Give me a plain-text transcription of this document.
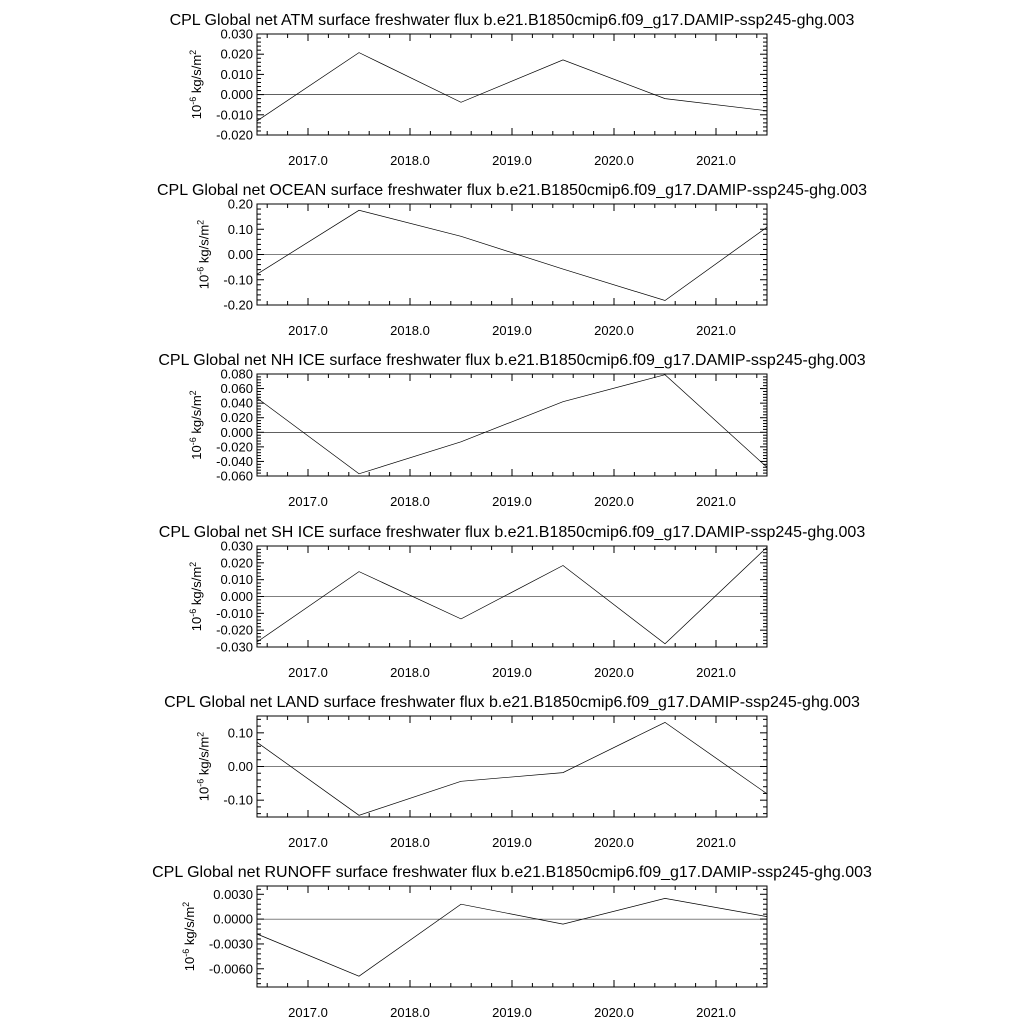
CPL Global net ATM surface freshwater flux b.e21.B1850cmip6.f09_g17.DAMIP-ssp245-ghg.003
-0.020
-0.010
0.000
0.010
0.020
0.030
2017.0	2018.0	2019.0	2020.0	2021.0
$10^{-6}$ $kg/s/m^2$
CPL Global net OCEAN surface freshwater flux b.e21.B1850cmip6.f09_g17.DAMIP-ssp245-ghg.003
-0.20
-0.10
0.00
0.10
0.20
2017.0	2018.0	2019.0	2020.0	2021.0
$10^{-6}$ $kg/s/m^2$
CPL Global net NH ICE surface freshwater flux b.e21.B1850cmip6.f09_g17.DAMIP-ssp245-ghg.003
-0.060
-0.040
-0.020
0.000
0.020
0.040
0.060
0.080
2017.0	2018.0	2019.0	2020.0	2021.0
$10^{-6}$ $kg/s/m^2$
CPL Global net SH ICE surface freshwater flux b.e21.B1850cmip6.f09_g17.DAMIP-ssp245-ghg.003
-0.030
-0.020
-0.010
0.000
0.010
0.020
0.030
2017.0	2018.0	2019.0	2020.0	2021.0
$10^{-6}$ $kg/s/m^2$
CPL Global net LAND surface freshwater flux b.e21.B1850cmip6.f09_g17.DAMIP-ssp245-ghg.003
-0.10
0.00
0.10
2017.0	2018.0	2019.0	2020.0	2021.0
$10^{-6}$ $kg/s/m^2$
CPL Global net RUNOFF surface freshwater flux b.e21.B1850cmip6.f09_g17.DAMIP-ssp245-ghg.003
-0.0060
-0.0030
0.0000
0.0030
2017.0	2018.0	2019.0	2020.0	2021.0
$10^{-6}$ $kg/s/m^2$
